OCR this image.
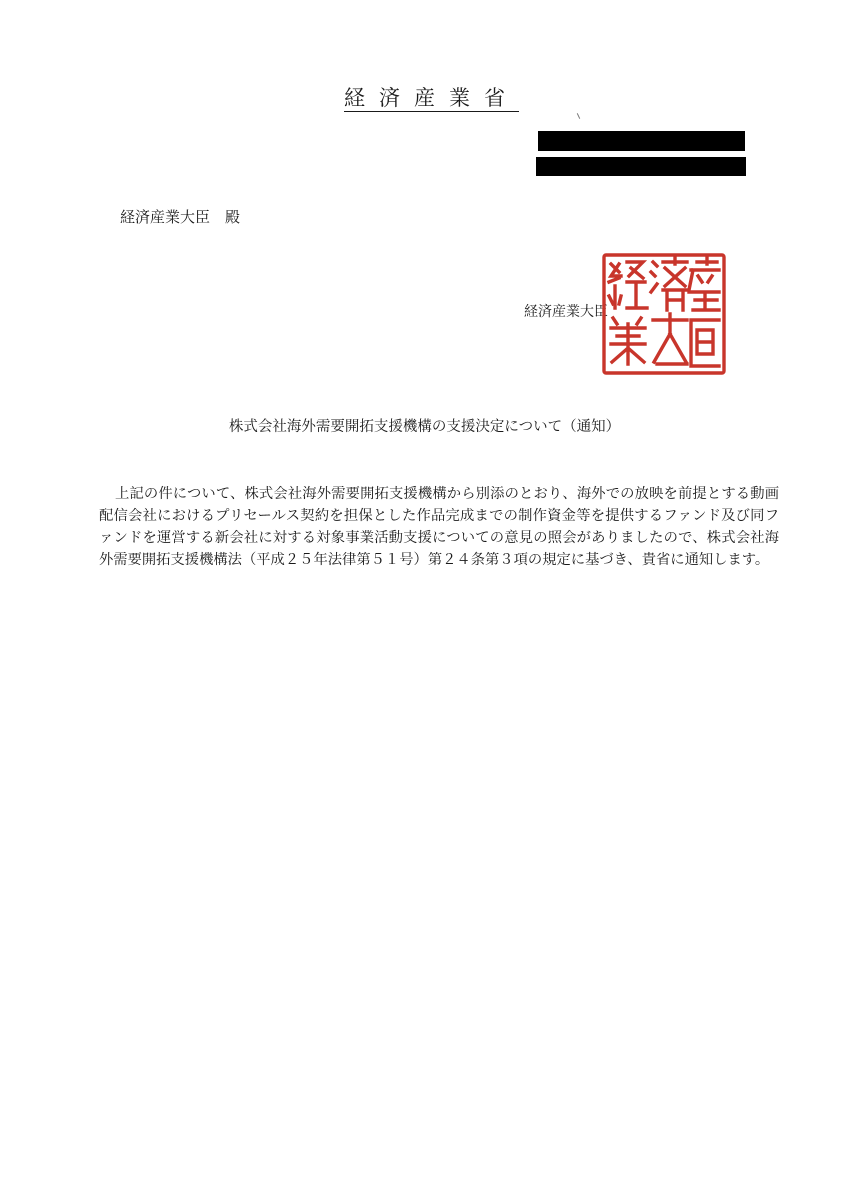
経済産業省
経済産業大臣　殿
経済産業大臣
株式会社海外需要開拓支援機構の支援決定について（通知）
上記の件について、株式会社海外需要開拓支援機構から別添のとおり、海外での放映を前提とする動画配信会社におけるプリセールス契約を担保とした作品完成までの制作資金等を提供するファンド及び同ファンドを運営する新会社に対する対象事業活動支援についての意見の照会がありましたので、株式会社海外需要開拓支援機構法（平成２５年法律第５１号）第２４条第３項の規定に基づき、貴省に通知します。
